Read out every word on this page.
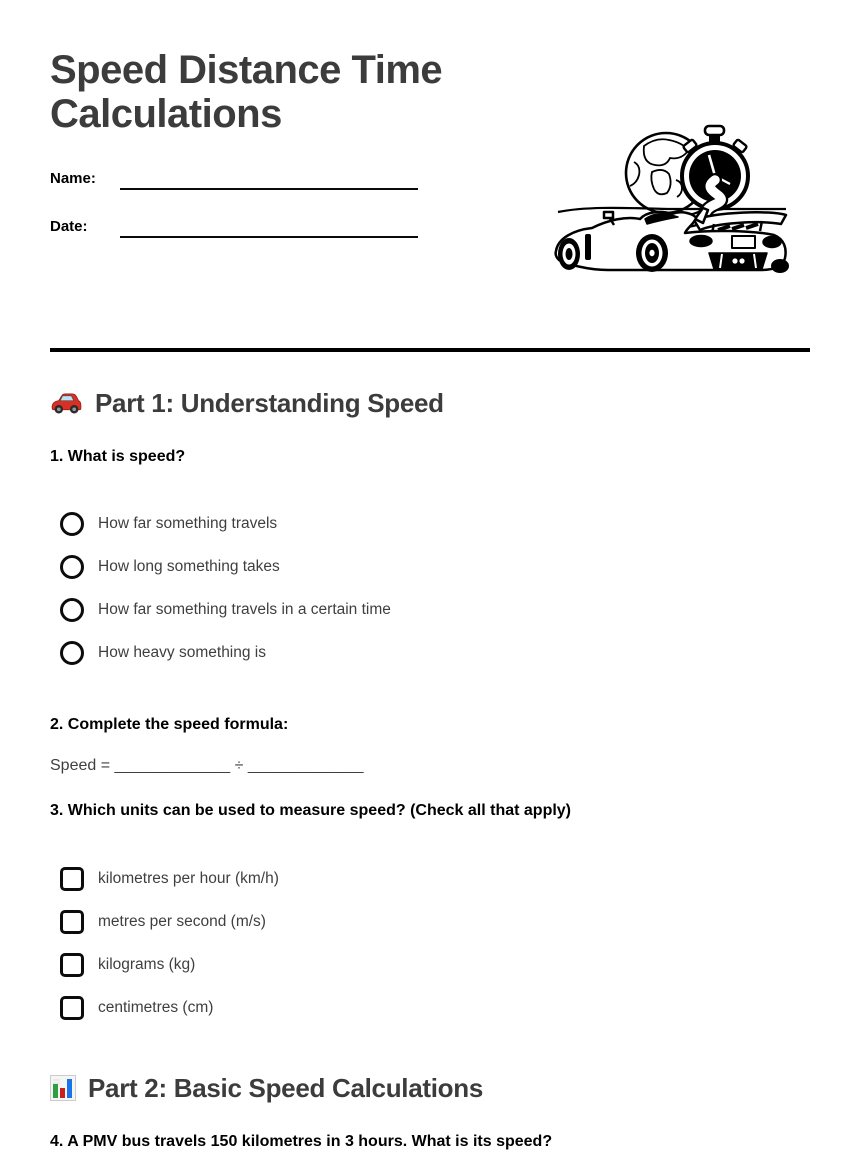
Speed Distance Time Calculations
Name:
Date:
Part 1: Understanding Speed
1. What is speed?
How far something travels
How long something takes
How far something travels in a certain time
How heavy something is
2. Complete the speed formula:
Speed = _____________ ÷ _____________
3. Which units can be used to measure speed? (Check all that apply)
kilometres per hour (km/h)
metres per second (m/s)
kilograms (kg)
centimetres (cm)
Part 2: Basic Speed Calculations
4. A PMV bus travels 150 kilometres in 3 hours. What is its speed?
